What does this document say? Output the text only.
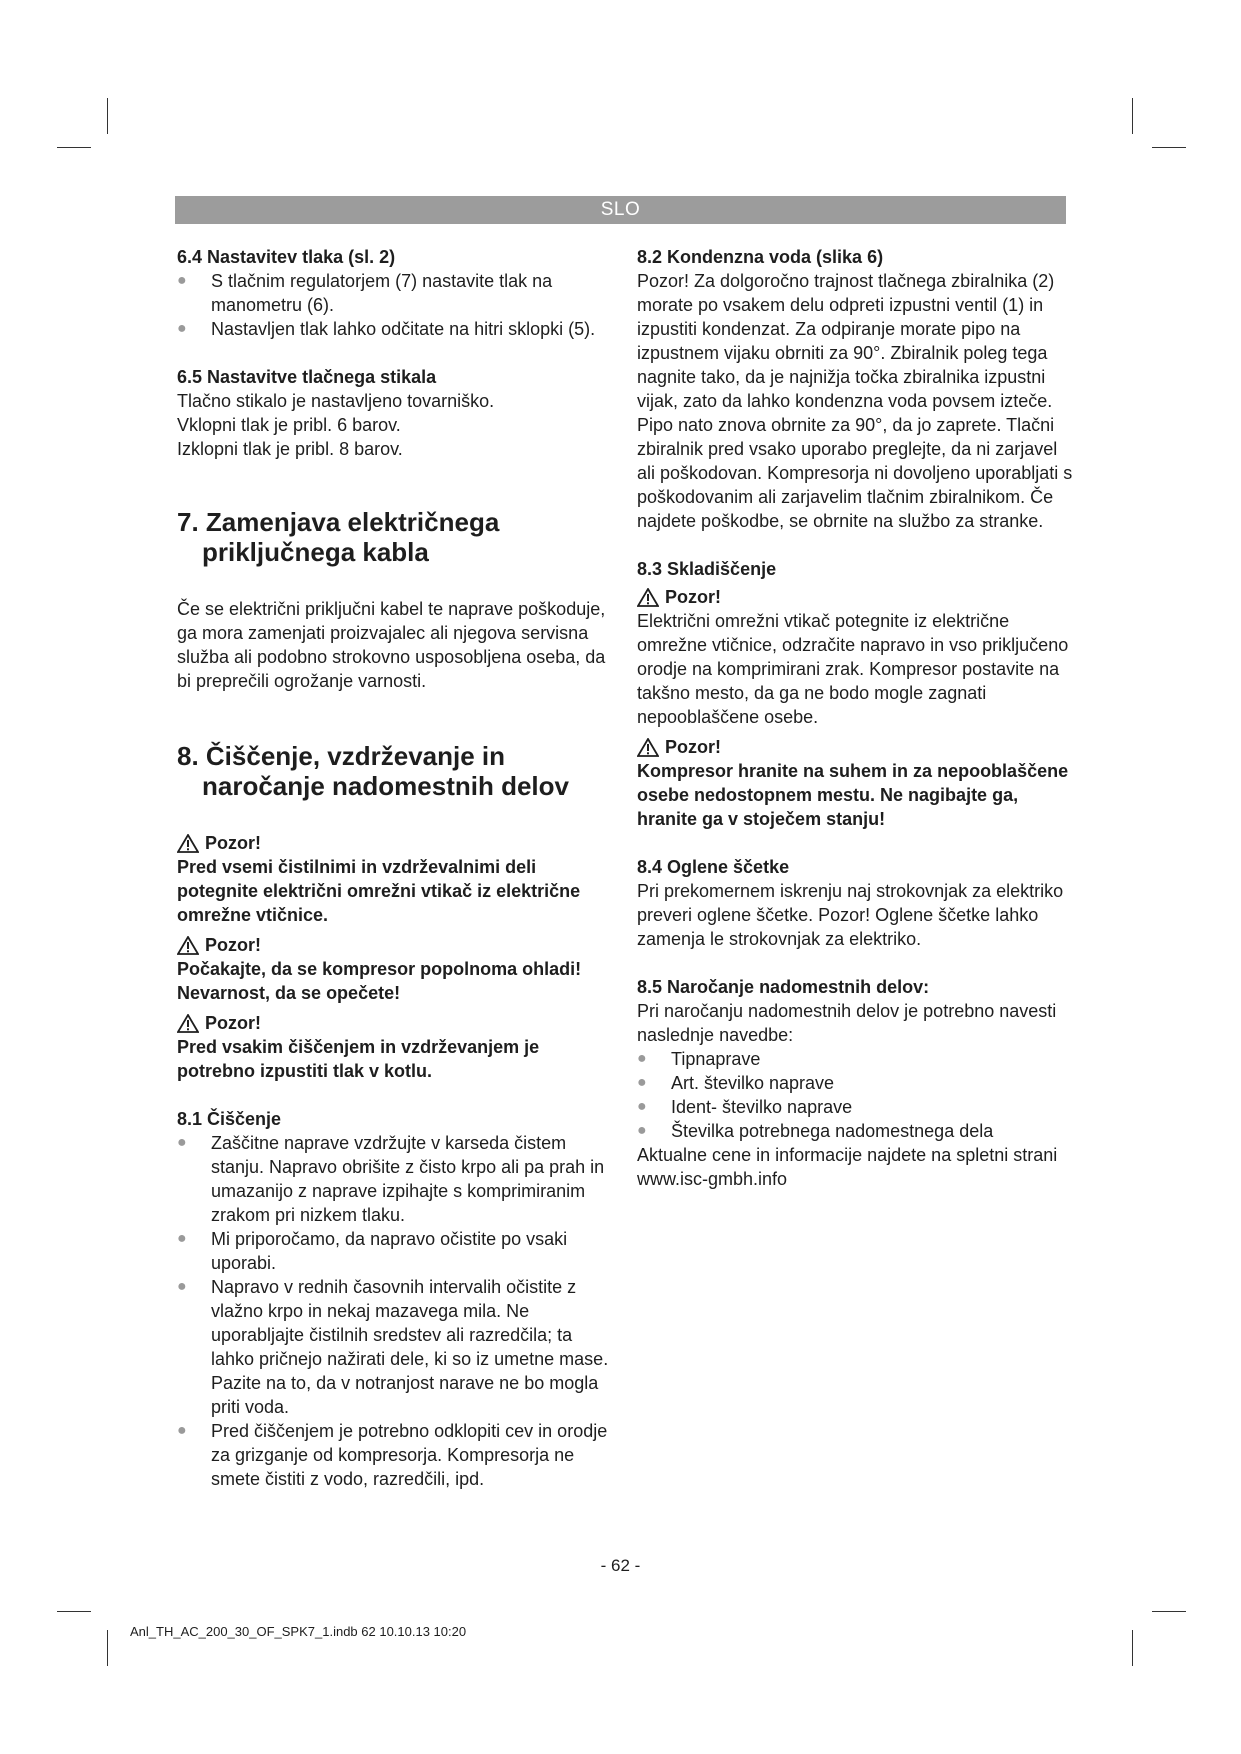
SLO

6.4 Nastavitev tlaka (sl. 2)

● S tlačnim regulatorjem (7) nastavite tlak na manometru (6).
● Nastavljen tlak lahko odčitate na hitri sklopki (5).

6.5 Nastavitve tlačnega stikala

Tlačno stikalo je nastavljeno tovarniško.

Vklopni tlak je pribl. 6 barov.

Izklopni tlak je pribl. 8 barov.

7. Zamenjava električnega priključnega kabla

Če se električni priključni kabel te naprave poškoduje, ga mora zamenjati proizvajalec ali njegova servisna služba ali podobno strokovno usposobljena oseba, da bi preprečili ogrožanje varnosti.

8. Čiščenje, vzdrževanje in naročanje nadomestnih delov

Pozor!

Pred vsemi čistilnimi in vzdrževalnimi deli potegnite električni omrežni vtikač iz električne omrežne vtičnice.

Pozor!

Počakajte, da se kompresor popolnoma ohladi! Nevarnost, da se opečete!

Pozor!

Pred vsakim čiščenjem in vzdrževanjem je potrebno izpustiti tlak v kotlu.

8.1 Čiščenje

● Zaščitne naprave vzdržujte v karseda čistem stanju. Napravo obrišite z čisto krpo ali pa prah in umazanijo z naprave izpihajte s komprimiranim zrakom pri nizkem tlaku.
● Mi priporočamo, da napravo očistite po vsaki uporabi.
● Napravo v rednih časovnih intervalih očistite z vlažno krpo in nekaj mazavega mila. Ne uporabljajte čistilnih sredstev ali razredčila; ta lahko pričnejo nažirati dele, ki so iz umetne mase. Pazite na to, da v notranjost narave ne bo mogla priti voda.
● Pred čiščenjem je potrebno odklopiti cev in orodje za grizganje od kompresorja. Kompresorja ne smete čistiti z vodo, razredčili, ipd.

8.2 Kondenzna voda (slika 6)

Pozor! Za dolgoročno trajnost tlačnega zbiralnika (2) morate po vsakem delu odpreti izpustni ventil (1) in izpustiti kondenzat. Za odpiranje morate pipo na izpustnem vijaku obrniti za 90°. Zbiralnik poleg tega nagnite tako, da je najnižja točka zbiralnika izpustni vijak, zato da lahko kondenzna voda povsem izteče. Pipo nato znova obrnite za 90°, da jo zaprete. Tlačni zbiralnik pred vsako uporabo preglejte, da ni zarjavel ali poškodovan. Kompresorja ni dovoljeno uporabljati s poškodovanim ali zarjavelim tlačnim zbiralnikom. Če najdete poškodbe, se obrnite na službo za stranke.

8.3 Skladiščenje

Pozor!

Električni omrežni vtikač potegnite iz električne omrežne vtičnice, odzračite napravo in vso priključeno orodje na komprimirani zrak. Kompresor postavite na takšno mesto, da ga ne bodo mogle zagnati nepooblaščene osebe.

Pozor!

Kompresor hranite na suhem in za nepooblaščene osebe nedostopnem mestu. Ne nagibajte ga, hranite ga v stoječem stanju!

8.4 Oglene ščetke

Pri prekomernem iskrenju naj strokovnjak za elektriko preveri oglene ščetke. Pozor! Oglene ščetke lahko zamenja le strokovnjak za elektriko.

8.5 Naročanje nadomestnih delov:

Pri naročanju nadomestnih delov je potrebno navesti naslednje navedbe:

● Tipnaprave
● Art. številko naprave
● Ident- številko naprave
● Številka potrebnega nadomestnega dela

Aktualne cene in informacije najdete na spletni strani www.isc-gmbh.info

- 62 -
Anl_TH_AC_200_30_OF_SPK7_1.indb 62 10.10.13 10:20
